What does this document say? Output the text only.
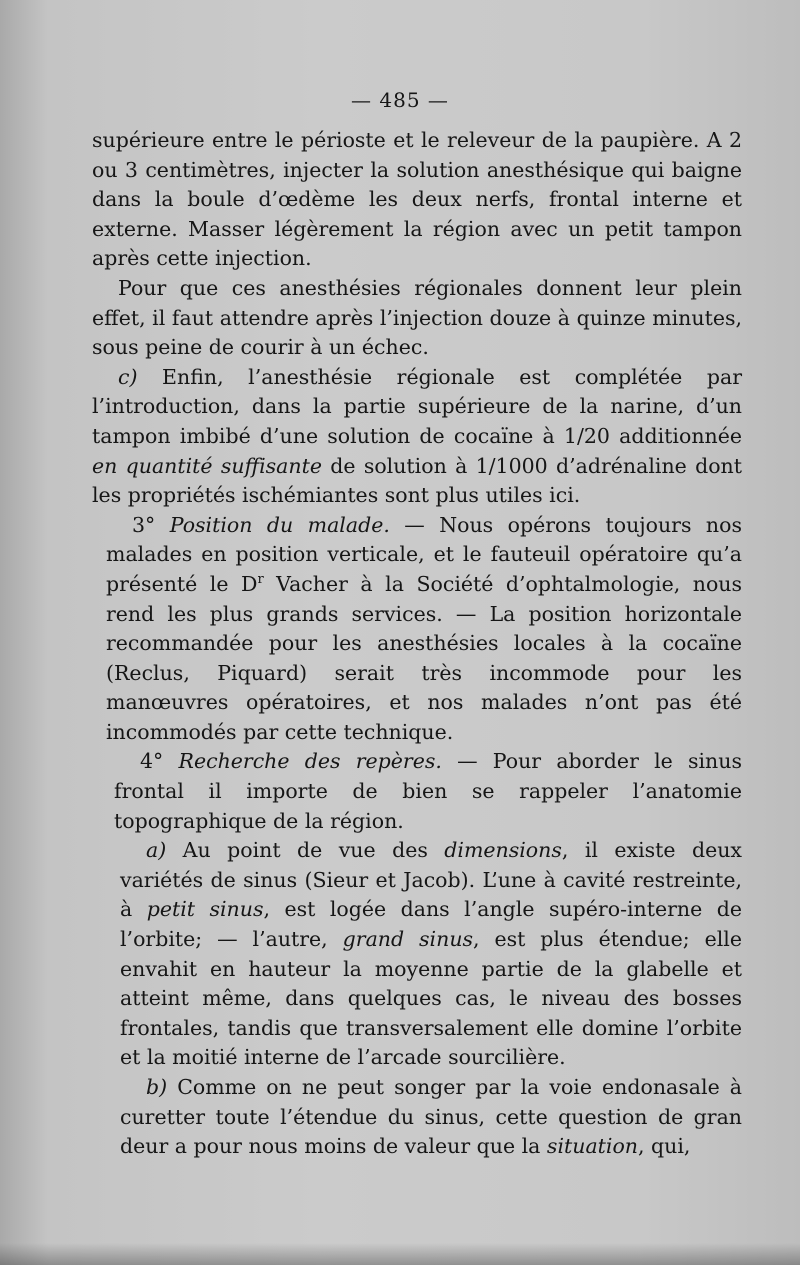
— 485 —

supérieure entre le périoste et le releveur de la paupière. A 2 ou 3 centimètres, injecter la solution anesthésique qui baigne dans la boule d’œdème les deux nerfs, frontal interne et externe. Masser légèrement la région avec un petit tampon après cette injection.

Pour que ces anesthésies régionales donnent leur plein effet, il faut attendre après l’injection douze à quinze minutes, sous peine de courir à un échec.

c) Enfin, l’anesthésie régionale est complétée par l’introduction, dans la partie supérieure de la narine, d’un tampon imbibé d’une solution de cocaïne à 1/20 additionnée en quantité suffisante de solution à 1/1000 d’adrénaline dont les propriétés ischémiantes sont plus utiles ici.

3° Position du malade. — Nous opérons toujours nos malades en position verticale, et le fauteuil opératoire qu’a présenté le $D^r$ Vacher à la Société d’ophtalmologie, nous rend les plus grands services. — La position horizontale recommandée pour les anesthésies locales à la cocaïne (Reclus, Piquard) serait très incommode pour les manœuvres opératoires, et nos malades n’ont pas été incommodés par cette technique.

4° Recherche des repères. — Pour aborder le sinus frontal il importe de bien se rappeler l’anatomie topographique de la région.

a) Au point de vue des dimensions, il existe deux variétés de sinus (Sieur et Jacob). L’une à cavité restreinte, à petit sinus, est logée dans l’angle supéro-interne de l’orbite; — l’autre, grand sinus, est plus étendue; elle envahit en hauteur la moyenne partie de la glabelle et atteint même, dans quelques cas, le niveau des bosses frontales, tandis que transversalement elle domine l’orbite et la moitié interne de l’arcade sourcilière.

b) Comme on ne peut songer par la voie endonasale à curetter toute l’étendue du sinus, cette question de gran deur a pour nous moins de valeur que la situation, qui,
